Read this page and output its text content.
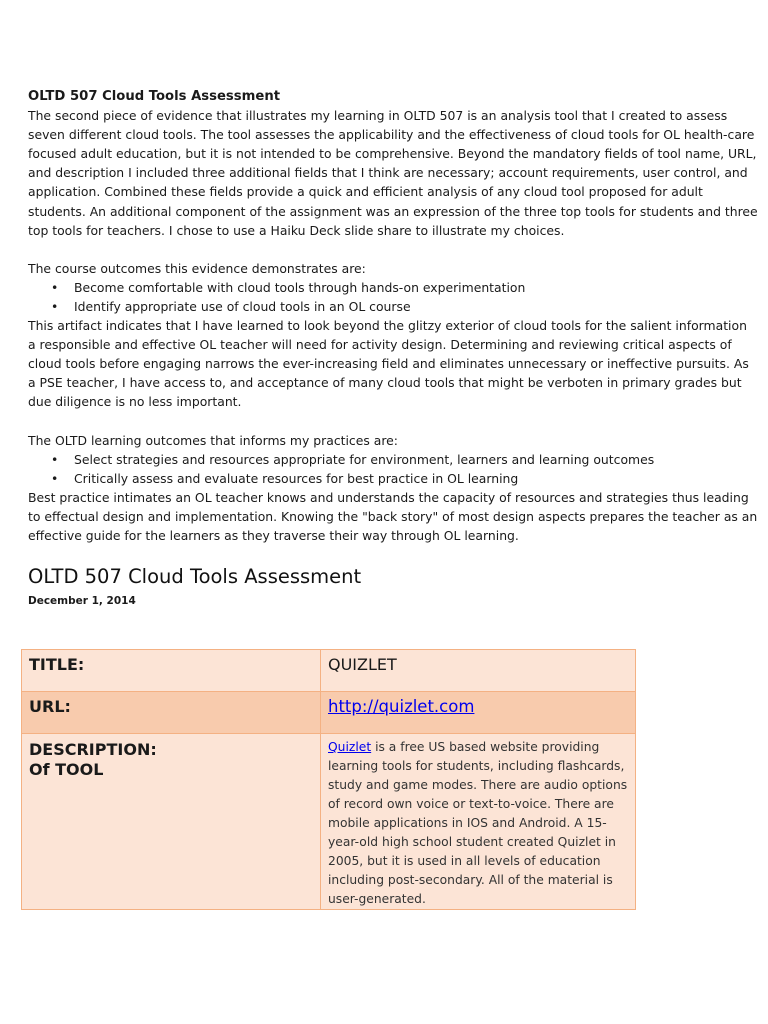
OLTD 507 Cloud Tools Assessment

The second piece of evidence that illustrates my learning in OLTD 507 is an analysis tool that I created to assess seven different cloud tools. The tool assesses the applicability and the effectiveness of cloud tools for OL health-care focused adult education, but it is not intended to be comprehensive. Beyond the mandatory fields of tool name, URL, and description I included three additional fields that I think are necessary; account requirements, user control, and application. Combined these fields provide a quick and efficient analysis of any cloud tool proposed for adult students. An additional component of the assignment was an expression of the three top tools for students and three top tools for teachers. I chose to use a Haiku Deck slide share to illustrate my choices.

The course outcomes this evidence demonstrates are:

• Become comfortable with cloud tools through hands-on experimentation
• Identify appropriate use of cloud tools in an OL course

This artifact indicates that I have learned to look beyond the glitzy exterior of cloud tools for the salient information a responsible and effective OL teacher will need for activity design. Determining and reviewing critical aspects of cloud tools before engaging narrows the ever-increasing field and eliminates unnecessary or ineffective pursuits. As a PSE teacher, I have access to, and acceptance of many cloud tools that might be verboten in primary grades but due diligence is no less important.

The OLTD learning outcomes that informs my practices are:

• Select strategies and resources appropriate for environment, learners and learning outcomes
• Critically assess and evaluate resources for best practice in OL learning

Best practice intimates an OL teacher knows and understands the capacity of resources and strategies thus leading to effectual design and implementation. Knowing the "back story" of most design aspects prepares the teacher as an effective guide for the learners as they traverse their way through OL learning.

OLTD 507 Cloud Tools Assessment
December 1, 2014
TITLE:	QUIZLET
URL:	http://quizlet.com

DESCRIPTION:
Of TOOL	Quizlet is a free US based website providing learning tools for students, including flashcards, study and game modes. There are audio options of record own voice or text-to-voice. There are mobile applications in IOS and Android. A 15-year-old high school student created Quizlet in 2005, but it is used in all levels of education including post-secondary. All of the material is user-generated.
